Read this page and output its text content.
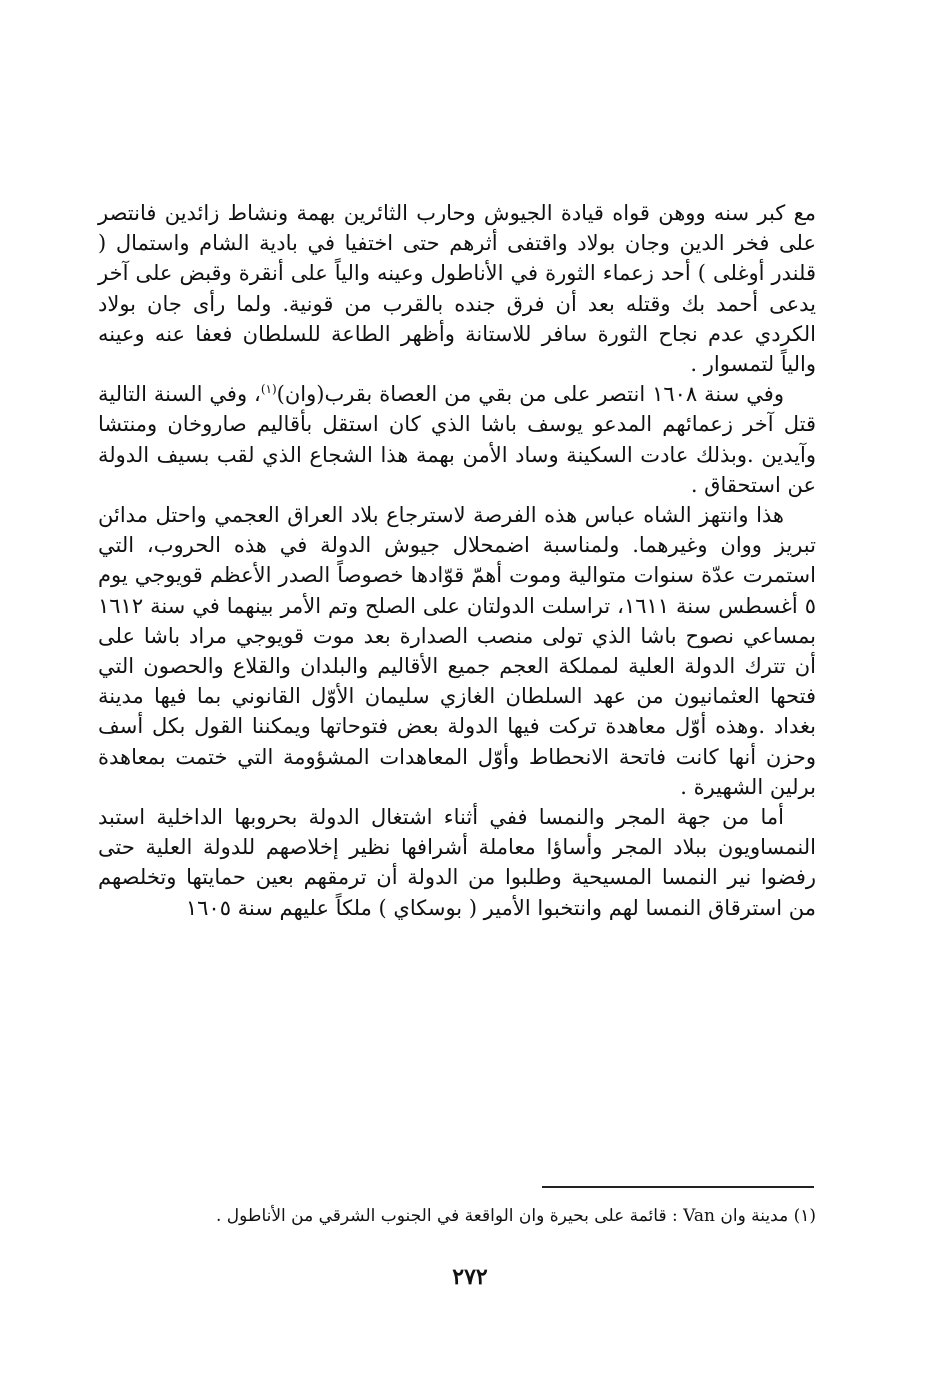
مع كبر سنه ووهن قواه قيادة الجيوش وحارب الثائرين بهمة ونشاط زائدين فانتصر على فخر الدين وجان بولاد واقتفى أثرهم حتى اختفيا في بادية الشام واستمال ( قلندر أوغلى ) أحد زعماء الثورة في الأناطول وعينه والياً على أنقرة وقبض على آخر يدعى أحمد بك وقتله بعد أن فرق جنده بالقرب من قونية. ولما رأى جان بولاد الكردي عدم نجاح الثورة سافر للاستانة وأظهر الطاعة للسلطان فعفا عنه وعينه والياً لتمسوار .

وفي سنة ١٦٠٨ انتصر على من بقي من العصاة بقرب(وان)$^{(١)}$، وفي السنة التالية قتل آخر زعمائهم المدعو يوسف باشا الذي كان استقل بأقاليم صاروخان ومنتشا وآيدين .وبذلك عادت السكينة وساد الأمن بهمة هذا الشجاع الذي لقب بسيف الدولة عن استحقاق .

هذا وانتهز الشاه عباس هذه الفرصة لاسترجاع بلاد العراق العجمي واحتل مدائن تبريز ووان وغيرهما. ولمناسبة اضمحلال جيوش الدولة في هذه الحروب، التي استمرت عدّة سنوات متوالية وموت أهمّ قوّادها خصوصاً الصدر الأعظم قويوجي يوم ٥ أغسطس سنة ١٦١١، تراسلت الدولتان على الصلح وتم الأمر بينهما في سنة ١٦١٢ بمساعي نصوح باشا الذي تولى منصب الصدارة بعد موت قويوجي مراد باشا على أن تترك الدولة العلية لمملكة العجم جميع الأقاليم والبلدان والقلاع والحصون التي فتحها العثمانيون من عهد السلطان الغازي سليمان الأوّل القانوني بما فيها مدينة بغداد .وهذه أوّل معاهدة تركت فيها الدولة بعض فتوحاتها ويمكننا القول بكل أسف وحزن أنها كانت فاتحة الانحطاط وأوّل المعاهدات المشؤومة التي ختمت بمعاهدة برلين الشهيرة .

أما من جهة المجر والنمسا ففي أثناء اشتغال الدولة بحروبها الداخلية استبد النمساويون ببلاد المجر وأساؤا معاملة أشرافها نظير إخلاصهم للدولة العلية حتى رفضوا نير النمسا المسيحية وطلبوا من الدولة أن ترمقهم بعين حمايتها وتخلصهم من استرقاق النمسا لهم وانتخبوا الأمير ( بوسكاي ) ملكاً عليهم سنة ١٦٠٥

(١) مدينة وان Van : قائمة على بحيرة وان الواقعة في الجنوب الشرقي من الأناطول .
٢٧٢
